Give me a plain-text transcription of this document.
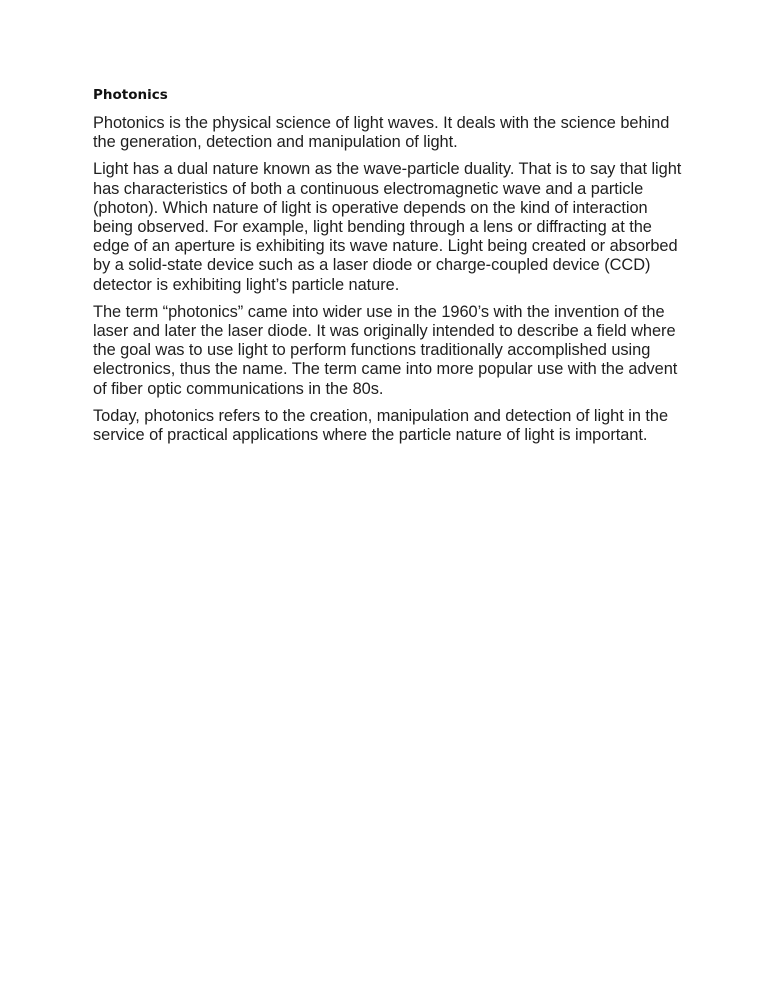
Photonics

Photonics is the physical science of light waves. It deals with the science behind the generation, detection and manipulation of light.

Light has a dual nature known as the wave-particle duality. That is to say that light has characteristics of both a continuous electromagnetic wave and a particle (photon). Which nature of light is operative depends on the kind of interaction being observed. For example, light bending through a lens or diffracting at the edge of an aperture is exhibiting its wave nature. Light being created or absorbed by a solid-state device such as a laser diode or charge-coupled device (CCD) detector is exhibiting light’s particle nature.

The term “photonics” came into wider use in the 1960’s with the invention of the laser and later the laser diode. It was originally intended to describe a field where the goal was to use light to perform functions traditionally accomplished using electronics, thus the name. The term came into more popular use with the advent of fiber optic communications in the 80s.

Today, photonics refers to the creation, manipulation and detection of light in the service of practical applications where the particle nature of light is important.
